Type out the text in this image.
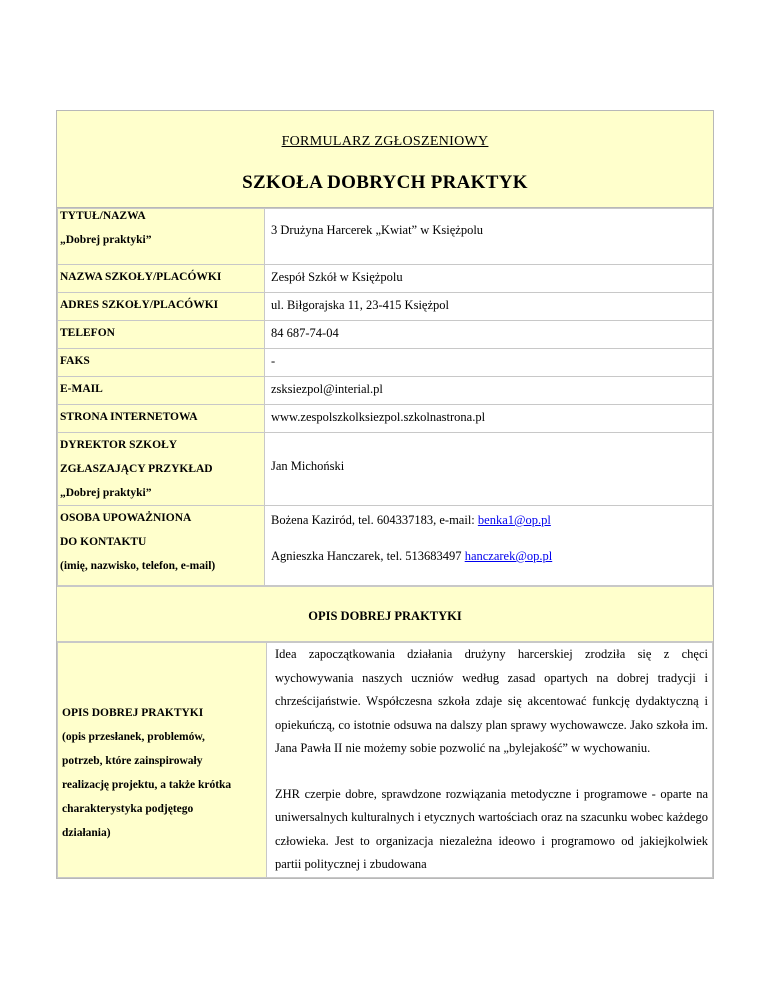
FORMULARZ ZGŁOSZENIOWY
SZKOŁA DOBRYCH PRAKTYK
TYTUŁ/NAZWA
„Dobrej praktyki”	3 Drużyna Harcerek „Kwiat” w Księżpolu

NAZWA SZKOŁY/PLACÓWKI	Zespół Szkół w Księżpolu

ADRES SZKOŁY/PLACÓWKI	ul. Biłgorajska 11, 23-415 Księżpol

TELEFON	84 687-74-04

FAKS	-

E-MAIL	zsksiezpol@interial.pl

STRONA INTERNETOWA	www.zespolszkolksiezpol.szkolnastrona.pl

DYREKTOR SZKOŁY
ZGŁASZAJĄCY PRZYKŁAD
„Dobrej praktyki”	Jan Michoński

OSOBA UPOWAŻNIONA
DO KONTAKTU
(imię, nazwisko, telefon, e-mail)	Bożena Kaziród, tel. 604337183, e-mail: benka1@op.pl
Agnieszka Hanczarek, tel. 513683497 hanczarek@op.pl
OPIS DOBREJ PRAKTYKI
OPIS DOBREJ PRAKTYKI
(opis przesłanek, problemów,
potrzeb, które zainspirowały
realizację projektu, a także krótka
charakterystyka podjętego
działania)

Idea zapoczątkowania działania drużyny harcerskiej zrodziła się z chęci wychowywania naszych uczniów według zasad opartych na dobrej tradycji i chrześcijaństwie. Współczesna szkoła zdaje się akcentować funkcję dydaktyczną i opiekuńczą, co istotnie odsuwa na dalszy plan sprawy wychowawcze. Jako szkoła im. Jana Pawła II nie możemy sobie pozwolić na „bylejakość” w wychowaniu.
ZHR czerpie dobre, sprawdzone rozwiązania metodyczne i programowe - oparte na uniwersalnych kulturalnych i etycznych wartościach oraz na szacunku wobec każdego człowieka. Jest to organizacja niezależna ideowo i programowo od jakiejkolwiek partii politycznej i zbudowana
